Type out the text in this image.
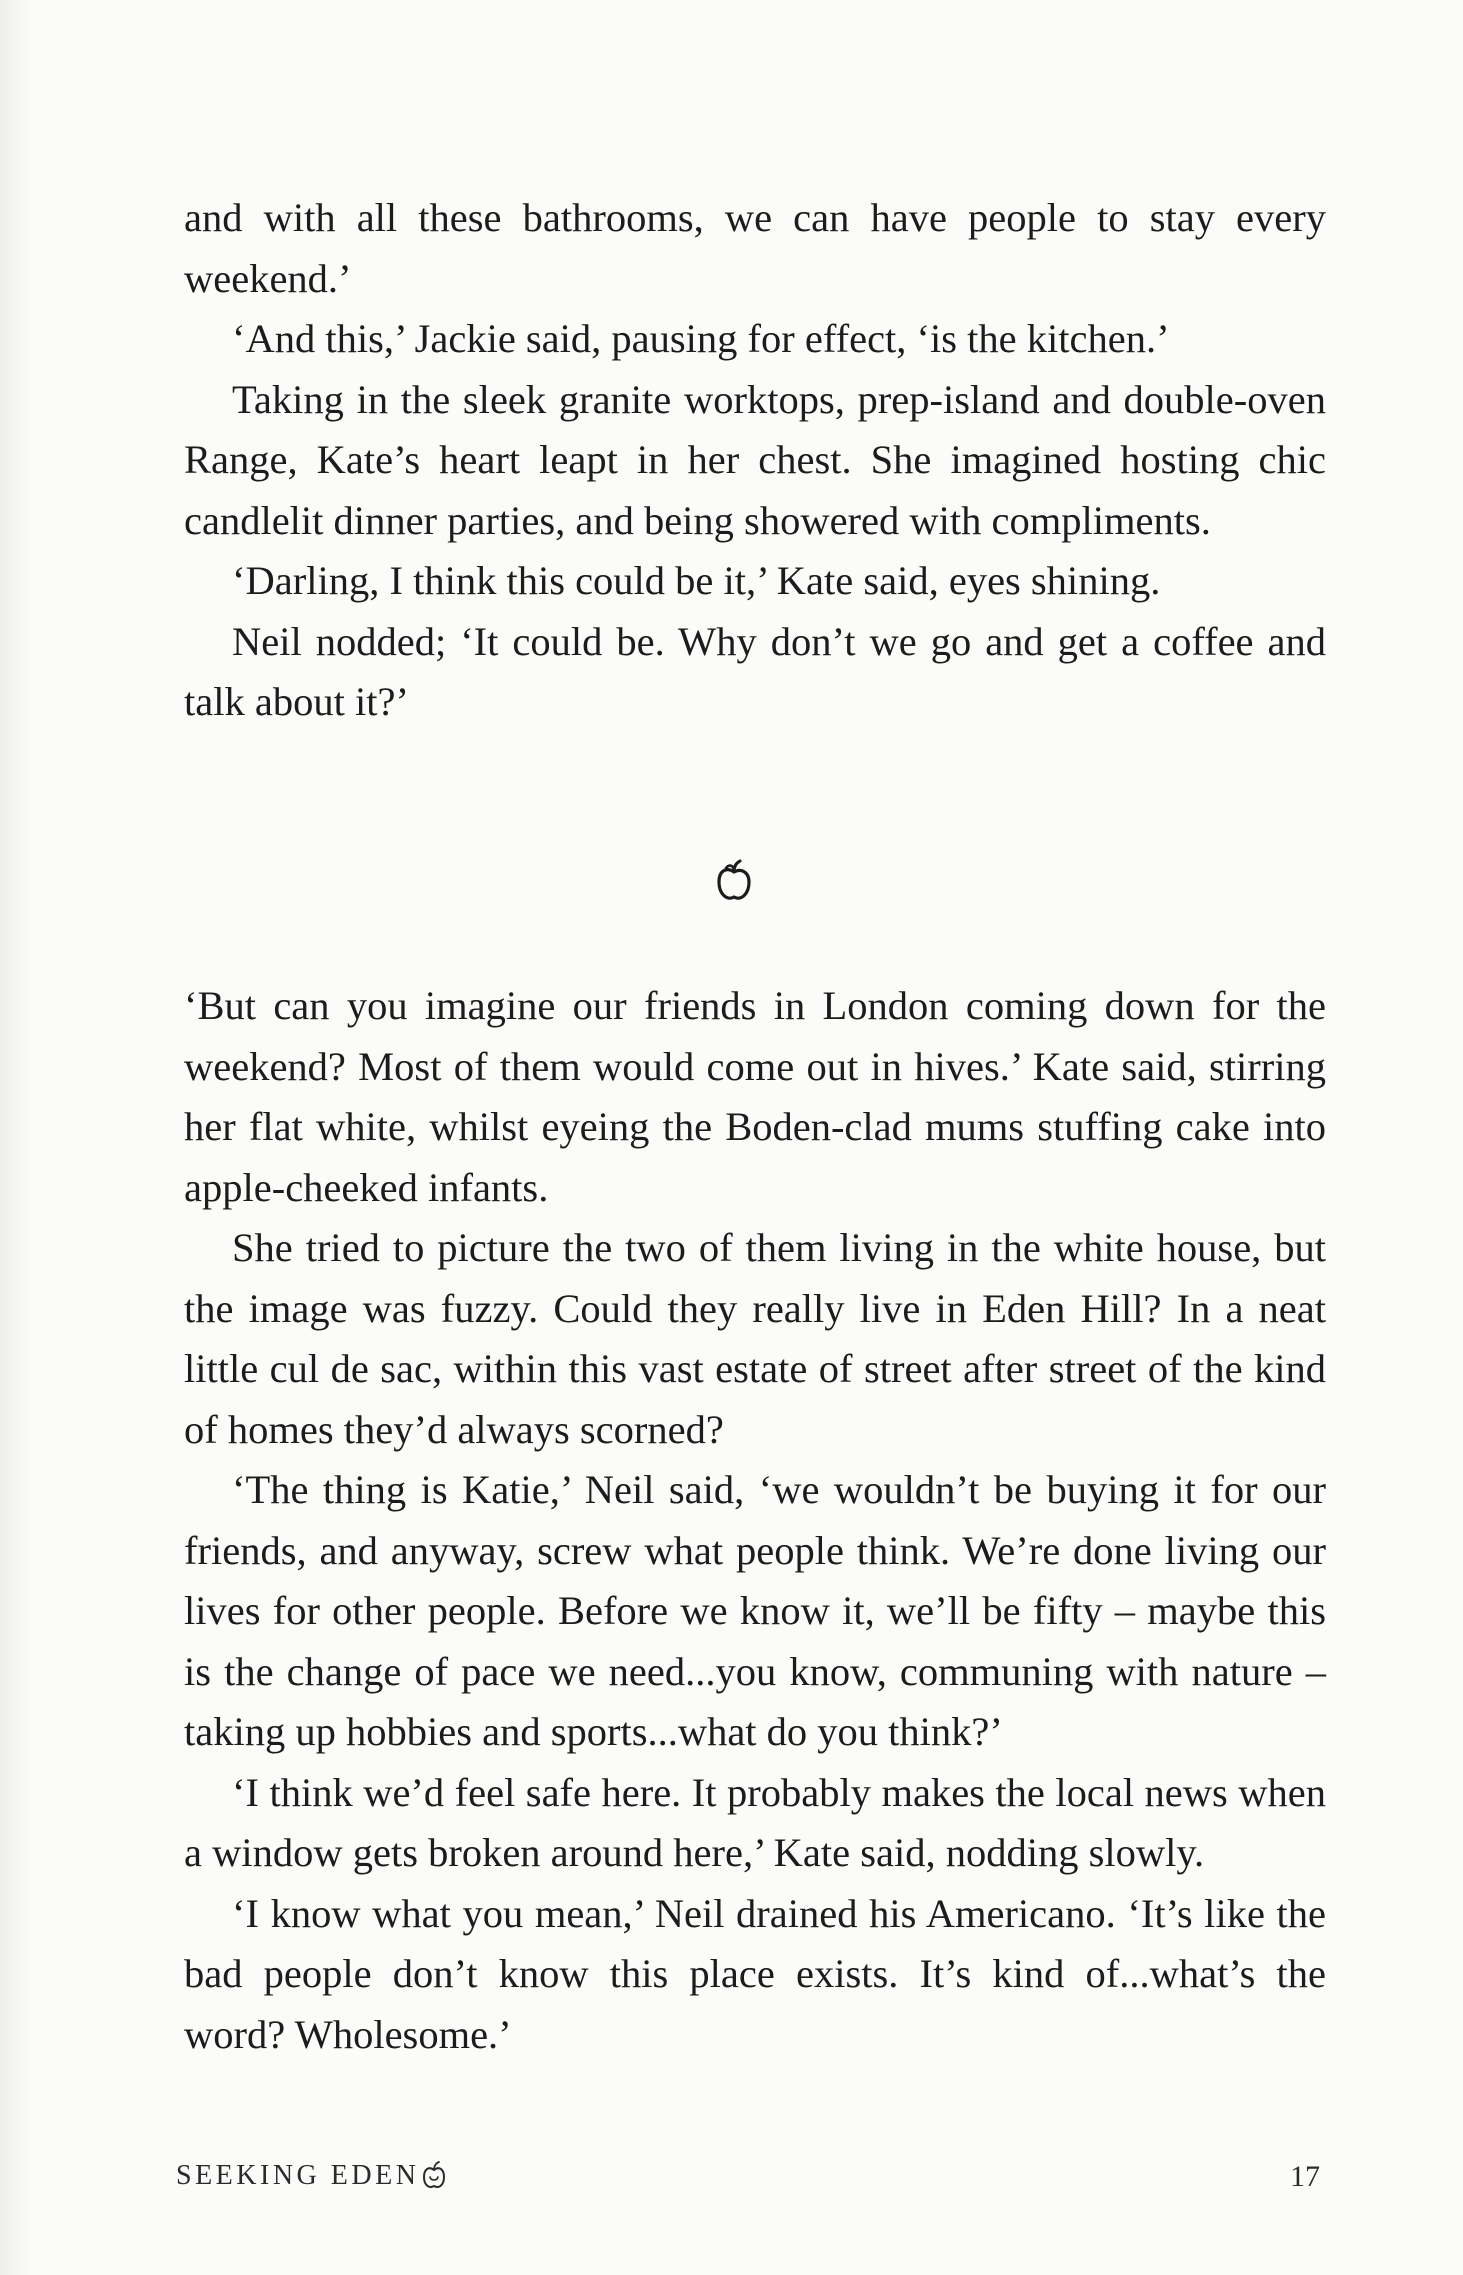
and with all these bathrooms, we can have people to stay every weekend.’

‘And this,’ Jackie said, pausing for effect, ‘is the kitchen.’

Taking in the sleek granite worktops, prep-island and double-oven Range, Kate’s heart leapt in her chest. She imagined hosting chic candlelit dinner parties, and being showered with compliments.

‘Darling, I think this could be it,’ Kate said, eyes shining.

Neil nodded; ‘It could be. Why don’t we go and get a coffee and talk about it?’

‘But can you imagine our friends in London coming down for the weekend? Most of them would come out in hives.’ Kate said, stirring her flat white, whilst eyeing the Boden-clad mums stuffing cake into apple-cheeked infants.

She tried to picture the two of them living in the white house, but the image was fuzzy. Could they really live in Eden Hill? In a neat little cul de sac, within this vast estate of street after street of the kind of homes they’d always scorned?

‘The thing is Katie,’ Neil said, ‘we wouldn’t be buying it for our friends, and anyway, screw what people think. We’re done living our lives for other people. Before we know it, we’ll be fifty – maybe this is the change of pace we need...you know, communing with nature – taking up hobbies and sports...what do you think?’

‘I think we’d feel safe here. It probably makes the local news when a window gets broken around here,’ Kate said, nodding slowly.

‘I know what you mean,’ Neil drained his Americano. ‘It’s like the bad people don’t know this place exists. It’s kind of...what’s the word? Wholesome.’

SEEKING EDEN	17
